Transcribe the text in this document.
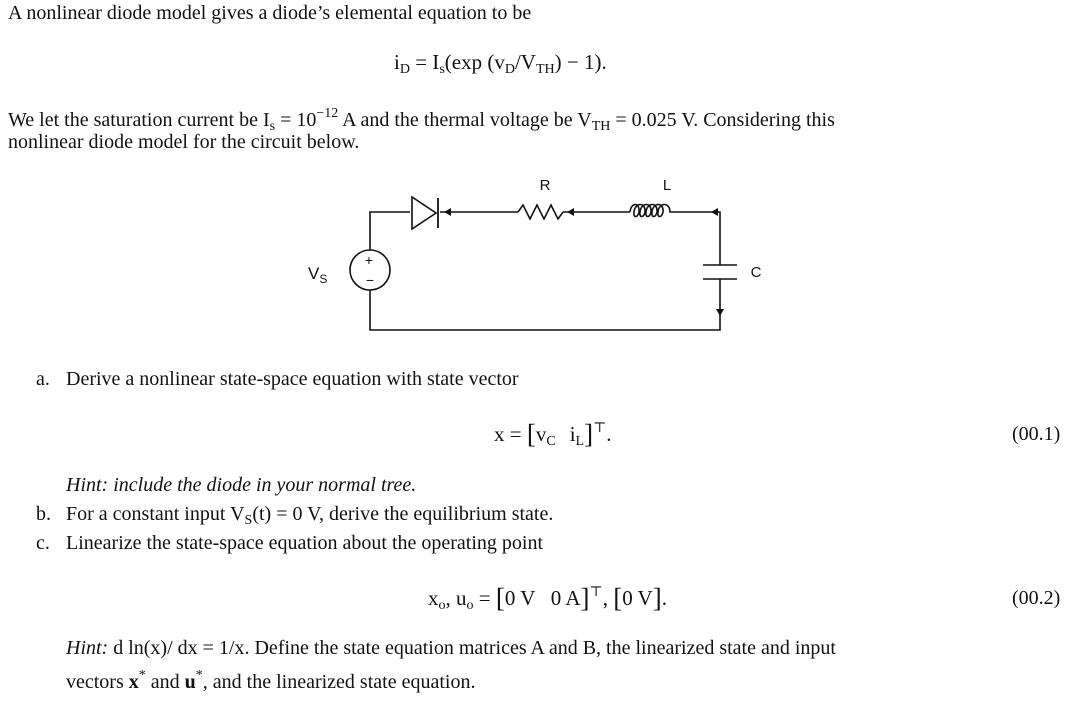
A nonlinear diode model gives a diode’s elemental equation to be
$i_D = I_s(\exp$ $(v_D/V_{TH}) - 1$).
We let the saturation current be $I_s = 10^{-12}$ A and the thermal voltage be $V_{TH} = 0.025$ V. Considering this
nonlinear diode model for the circuit below.
+
−
R	L
C
$V_S$
a. Derive a nonlinear state-space equation with state vector
$x = [v_C$ $i_L]^⊤$.	(00.1)
Hint: include the diode in your normal tree.
b. For a constant input $V_S(t) = 0$ V, derive the equilibrium state.
c. Linearize the state-space equation about the operating point
$x_o$, $u_o = [0$ V   0 A]⊤, [0 V].	(00.2)
Hint: d ln(x)/ dx = 1/x. Define the state equation matrices A and B, the linearized state and input
vectors x* and u*, and the linearized state equation.
